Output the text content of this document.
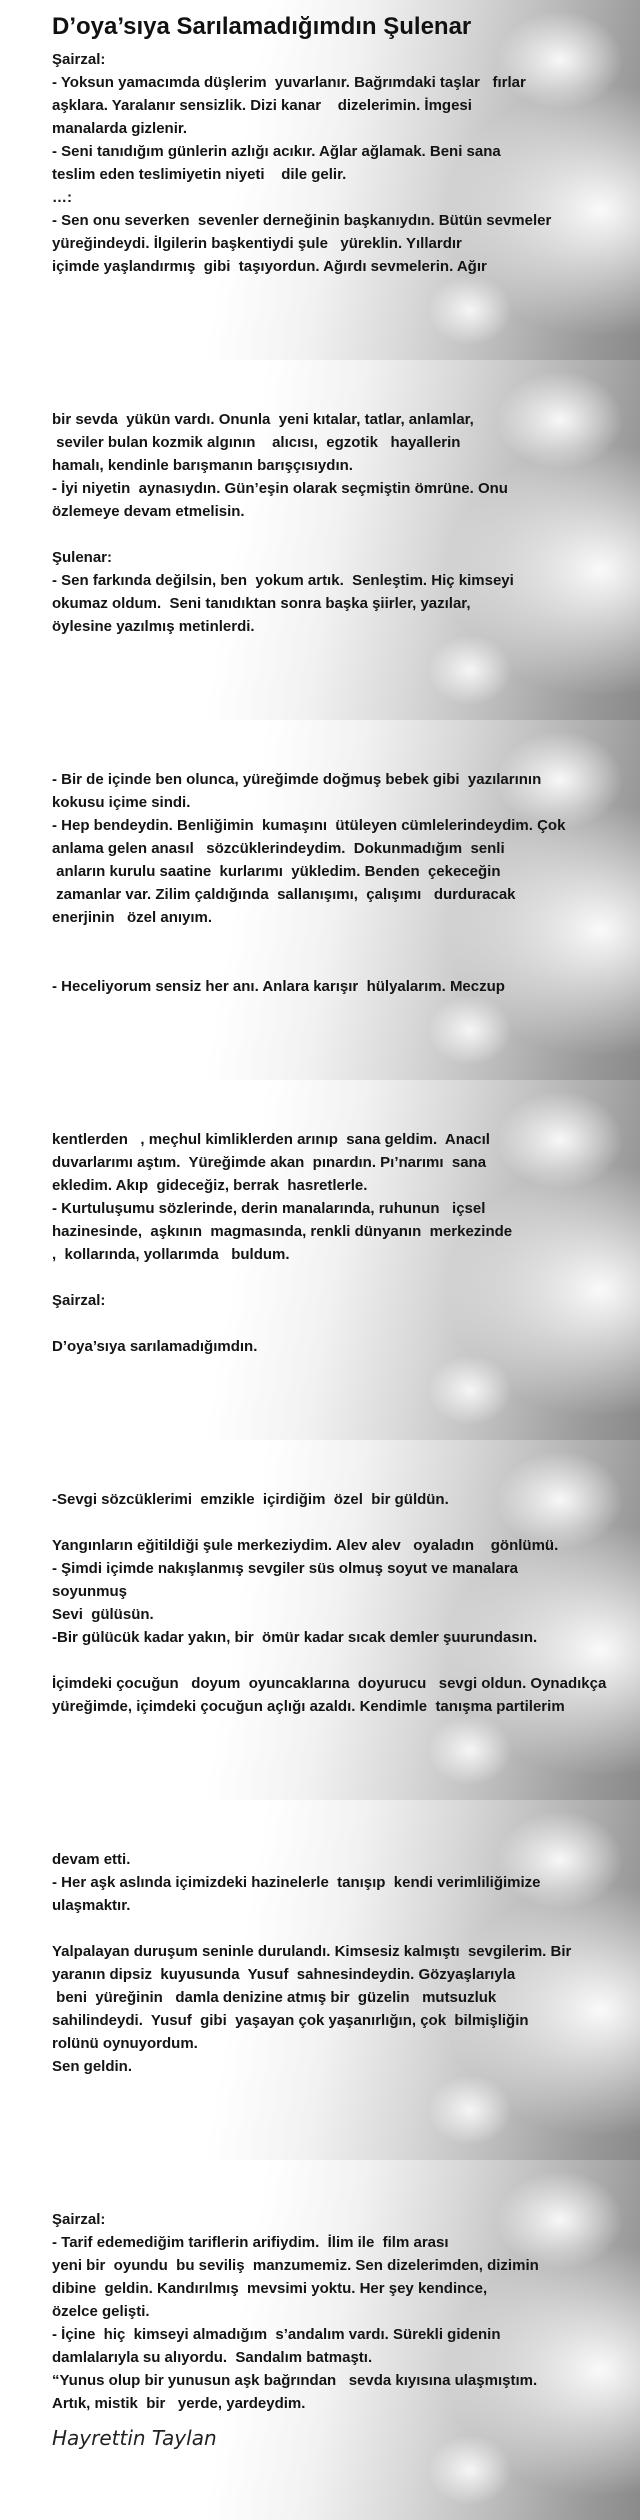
D’oya’sıya Sarılamadığımdın Şulenar
Şairzal:
- Yoksun yamacımda düşlerim  yuvarlanır. Bağrımdaki taşlar   fırlar
aşklara. Yaralanır sensizlik. Dizi kanar    dizelerimin. İmgesi
manalarda gizlenir.
- Seni tanıdığım günlerin azlığı acıkır. Ağlar ağlamak. Beni sana
teslim eden teslimiyetin niyeti    dile gelir.
…:
- Sen onu severken  sevenler derneğinin başkanıydın. Bütün sevmeler
yüreğindeydi. İlgilerin başkentiydi şule   yüreklin. Yıllardır
içimde yaşlandırmış  gibi  taşıyordun. Ağırdı sevmelerin. Ağır
bir sevda  yükün vardı. Onunla  yeni kıtalar, tatlar, anlamlar,
seviler bulan kozmik algının    alıcısı,  egzotik   hayallerin
hamalı, kendinle barışmanın barışçısıydın.
- İyi niyetin  aynasıydın. Gün’eşin olarak seçmiştin ömrüne. Onu
özlemeye devam etmelisin.
Şulenar:
- Sen farkında değilsin, ben  yokum artık.  Senleştim. Hiç kimseyi
okumaz oldum.  Seni tanıdıktan sonra başka şiirler, yazılar,
öylesine yazılmış metinlerdi.
- Bir de içinde ben olunca, yüreğimde doğmuş bebek gibi  yazılarının
kokusu içime sindi.
- Hep bendeydin. Benliğimin  kumaşını  ütüleyen cümlelerindeydim. Çok
anlama gelen anasıl   sözcüklerindeydim.  Dokunmadığım  senli
anların kurulu saatine  kurlarımı  yükledim. Benden  çekeceğin
zamanlar var. Zilim çaldığında  sallanışımı,  çalışımı   durduracak
enerjinin   özel anıyım.
- Heceliyorum sensiz her anı. Anlara karışır  hülyalarım. Meczup
kentlerden   , meçhul kimliklerden arınıp  sana geldim.  Anacıl
duvarlarımı aştım.  Yüreğimde akan  pınardın. Pı’narımı  sana
ekledim. Akıp  gideceğiz, berrak  hasretlerle.
- Kurtuluşumu sözlerinde, derin manalarında, ruhunun   içsel
hazinesinde,  aşkının  magmasında, renkli dünyanın  merkezinde
,  kollarında, yollarımda   buldum.
Şairzal:
D’oya’sıya sarılamadığımdın.
-Sevgi sözcüklerimi  emzikle  içirdiğim  özel  bir güldün.
Yangınların eğitildiği şule merkeziydim. Alev alev   oyaladın    gönlümü.
- Şimdi içimde nakışlanmış sevgiler süs olmuş soyut ve manalara
soyunmuş
Sevi  gülüsün.
-Bir gülücük kadar yakın, bir  ömür kadar sıcak demler şuurundasın.
İçimdeki çocuğun   doyum  oyuncaklarına  doyurucu   sevgi oldun. Oynadıkça
yüreğimde, içimdeki çocuğun açlığı azaldı. Kendimle  tanışma partilerim
devam etti.
- Her aşk aslında içimizdeki hazinelerle  tanışıp  kendi verimliliğimize
ulaşmaktır.
Yalpalayan duruşum seninle durulandı. Kimsesiz kalmıştı  sevgilerim. Bir
yaranın dipsiz  kuyusunda  Yusuf  sahnesindeydin. Gözyaşlarıyla
beni  yüreğinin   damla denizine atmış bir  güzelin   mutsuzluk
sahilindeydi.  Yusuf  gibi  yaşayan çok yaşanırlığın, çok  bilmişliğin
rolünü oynuyordum.
Sen geldin.
Şairzal:
- Tarif edemediğim tariflerin arifiydim.  İlim ile  film arası
yeni bir  oyundu  bu seviliş  manzumemiz. Sen dizelerimden, dizimin
dibine  geldin. Kandırılmış  mevsimi yoktu. Her şey kendince,
özelce gelişti.
- İçine  hiç  kimseyi almadığım  s’andalım vardı. Sürekli gidenin
damlalarıyla su alıyordu.  Sandalım batmaştı.
“Yunus olup bir yunusun aşk bağrından   sevda kıyısına ulaşmıştım.
Artık, mistik  bir   yerde, yardeydim.
Hayrettin Taylan
